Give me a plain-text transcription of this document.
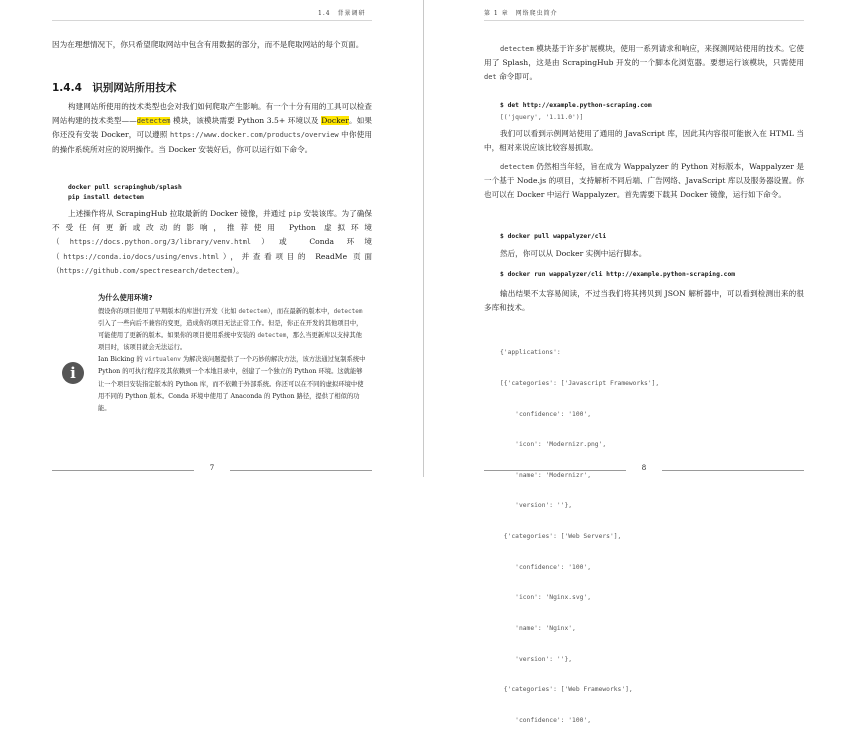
1.4　背景调研

因为在理想情况下，你只希望爬取网站中包含有用数据的部分，而不是爬取网站的每个页面。

1.4.4　识别网站所用技术

构建网站所使用的技术类型也会对我们如何爬取产生影响。有一个十分有用的工具可以检查网站构建的技术类型——detectem 模块，该模块需要 Python 3.5+ 环境以及 Docker。如果你还没有安装 Docker，可以遵照 https://www.docker.com/products/overview 中你使用的操作系统所对应的说明操作。当 Docker 安装好后，你可以运行如下命令。

docker pull scrapinghub/splash
pip install detectem

上述操作将从 ScrapingHub 拉取最新的 Docker 镜像，并通过 pip 安装该库。为了确保不受任何更新或改动的影响，推荐使用 Python 虚拟环境（https://docs.python.org/3/library/venv.html）或 Conda 环境（https://conda.io/docs/using/envs.html），并查看项目的 ReadMe 页面（https://github.com/spectresearch/detectem）。

为什么使用环境?
i

假设你的项目使用了早期版本的库进行开发（比如 detectem），而在最新的版本中，detectem 引入了一些向后不兼容的变更，造成你的项目无法正常工作。但是，你正在开发的其他项目中，可能使用了更新的版本。如果你的项目使用系统中安装的 detectem，那么当更新库以支持其他项目时，该项目就会无法运行。
Ian Bicking 的 virtualenv 为解决该问题提供了一个巧妙的解决方法，该方法通过复制系统中 Python 的可执行程序及其依赖到一个本地目录中，创建了一个独立的 Python 环境。这就能够让一个项目安装指定版本的 Python 库，而不依赖于外部系统。你还可以在不同的虚拟环境中使用不同的 Python 版本。Conda 环境中使用了 Anaconda 的 Python 路径，提供了相似的功能。

7
第 1 章　网络爬虫简介

detectem 模块基于许多扩展模块，使用一系列请求和响应，来探测网站使用的技术。它使用了 Splash，这是由 ScrapingHub 开发的一个脚本化浏览器。要想运行该模块，只需使用 det 命令即可。

$ det http://example.python-scraping.com
[('jquery', '1.11.0')]

我们可以看到示例网站使用了通用的 JavaScript 库，因此其内容很可能嵌入在 HTML 当中，相对来说应该比较容易抓取。

detectem 仍然相当年轻，旨在成为 Wappalyzer 的 Python 对标版本，Wappalyzer 是一个基于 Node.js 的项目，支持解析不同后端、广告网络、JavaScript 库以及服务器设置。你也可以在 Docker 中运行 Wappalyzer。首先需要下载其 Docker 镜像，运行如下命令。

$ docker pull wappalyzer/cli

然后，你可以从 Docker 实例中运行脚本。

$ docker run wappalyzer/cli http://example.python-scraping.com

输出结果不太容易阅读，不过当我们将其拷贝到 JSON 解析器中，可以看到检测出来的很多库和技术。

{'applications':

[{'categories': ['Javascript Frameworks'],

'confidence': '100',

'icon': 'Modernizr.png',

'name': 'Modernizr',

'version': ''},

{'categories': ['Web Servers'],

'confidence': '100',

'icon': 'Nginx.svg',

'name': 'Nginx',

'version': ''},

{'categories': ['Web Frameworks'],

'confidence': '100',

8
